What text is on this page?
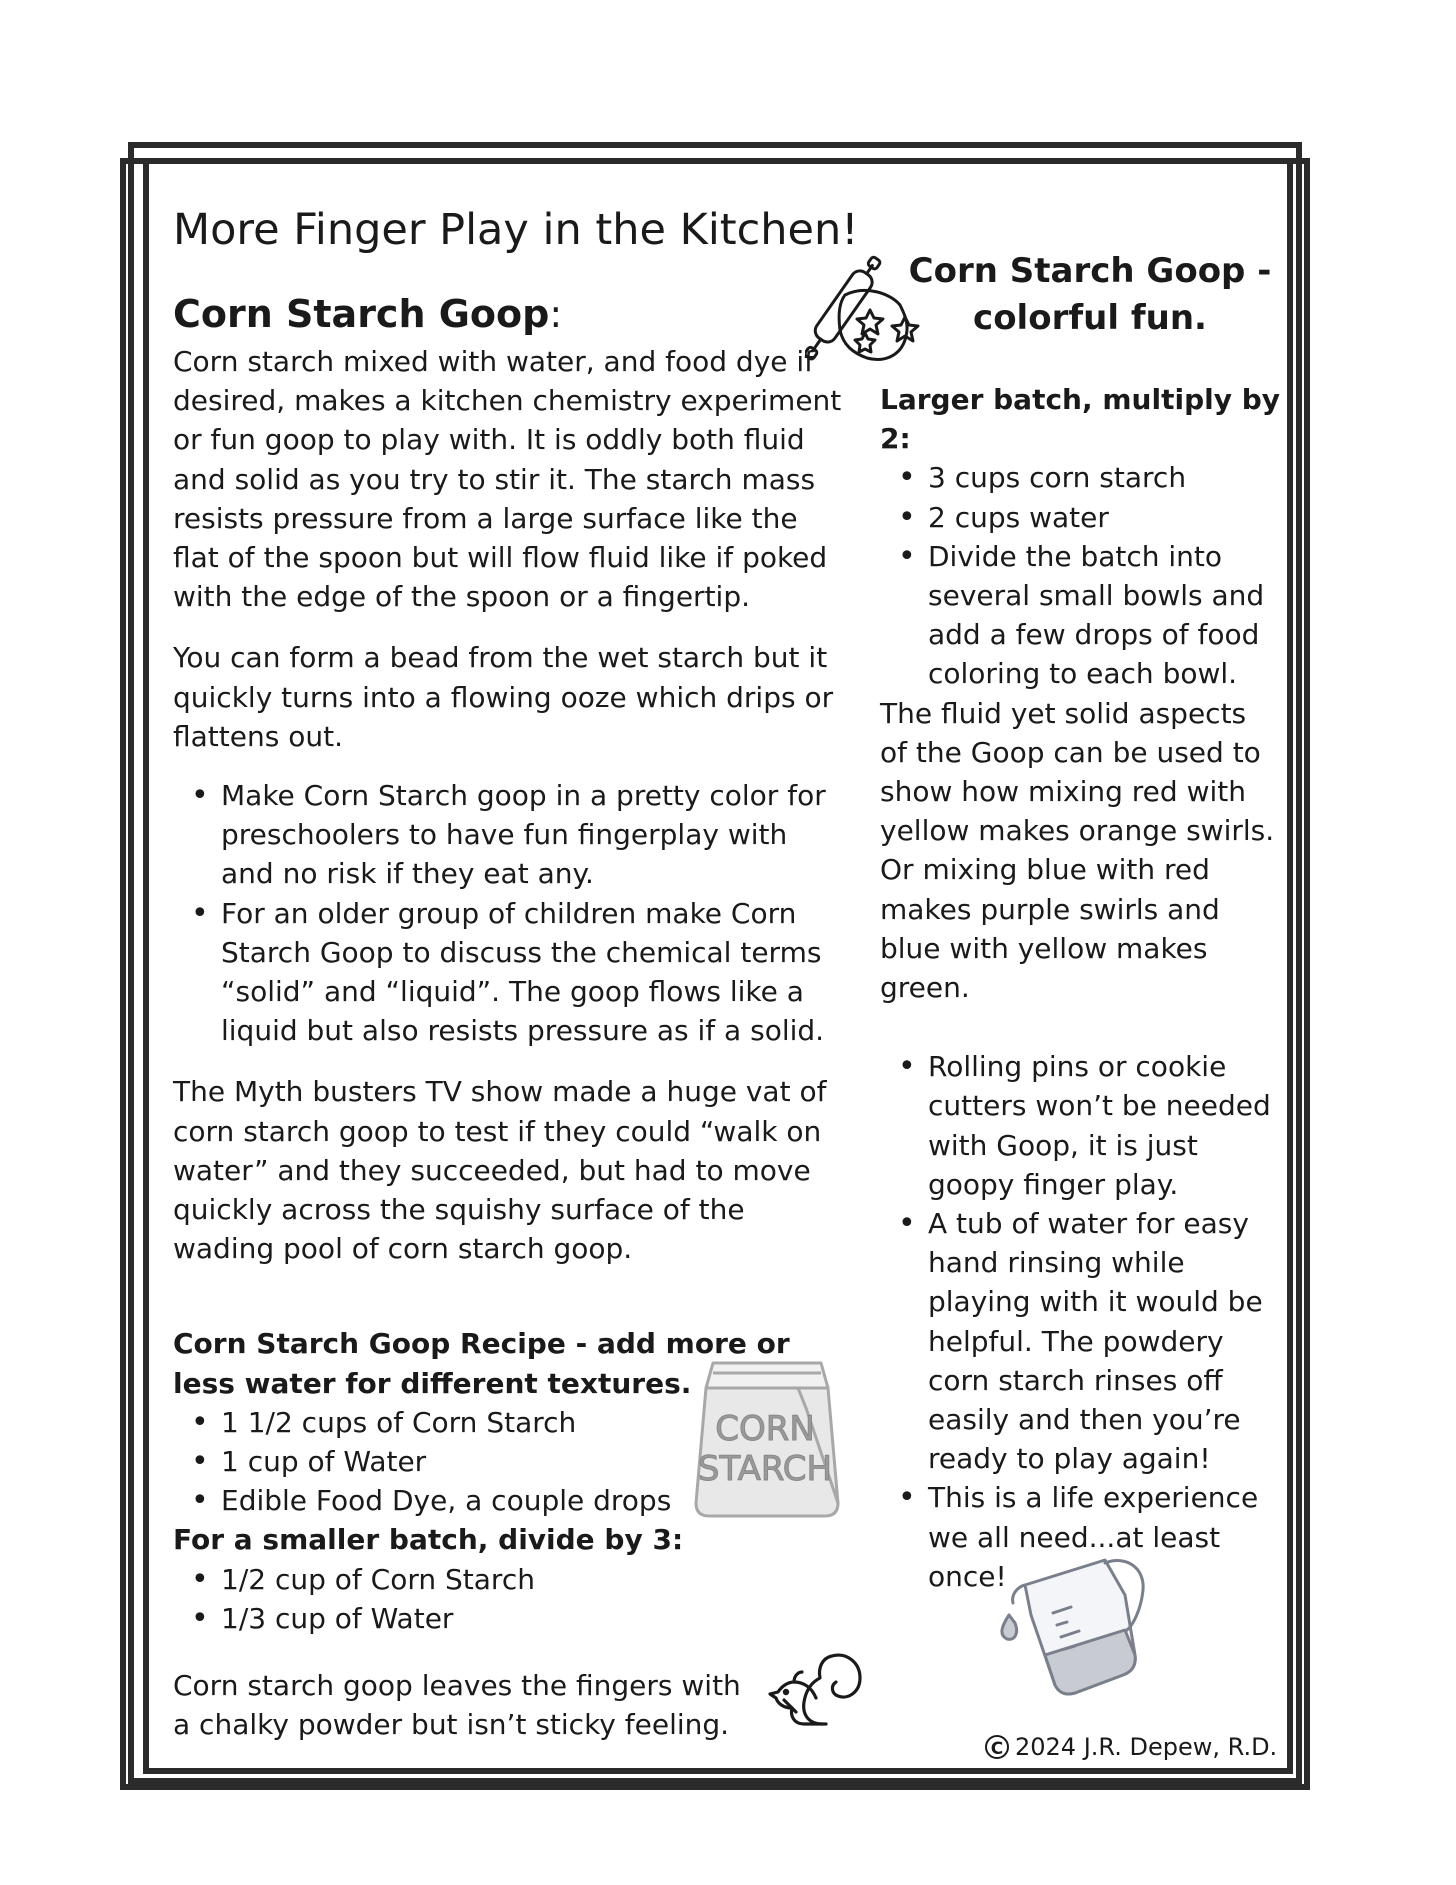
More Finger Play in the Kitchen!
Corn Starch Goop:
Corn Starch Goop -
colorful fun.

Corn starch mixed with water, and food dye if desired, makes a kitchen chemistry experiment or fun goop to play with. It is oddly both fluid and solid as you try to stir it. The starch mass resists pressure from a large surface like the flat of the spoon but will flow fluid like if poked with the edge of the spoon or a fingertip.

You can form a bead from the wet starch but it quickly turns into a flowing ooze which drips or flattens out.

• Make Corn Starch goop in a pretty color for preschoolers to have fun fingerplay with and no risk if they eat any.
• For an older group of children make Corn Starch Goop to discuss the chemical terms “solid” and “liquid”. The goop flows like a liquid but also resists pressure as if a solid.

The Myth busters TV show made a huge vat of corn starch goop to test if they could “walk on water” and they succeeded, but had to move quickly across the squishy surface of the wading pool of corn starch goop.

Corn Starch Goop Recipe - add more or less water for different textures.

• 1 1/2 cups of Corn Starch
• 1 cup of Water
• Edible Food Dye, a couple drops

For a smaller batch, divide by 3:

• 1/2 cup of Corn Starch
• 1/3 cup of Water

Corn starch goop leaves the fingers with a chalky powder but isn’t sticky feeling.

CORN
STARCH

Larger batch, multiply by 2:

• 3 cups corn starch
• 2 cups water
• Divide the batch into several small bowls and add a few drops of food coloring to each bowl.

The fluid yet solid aspects of the Goop can be used to show how mixing red with yellow makes orange swirls. Or mixing blue with red makes purple swirls and blue with yellow makes green.

• Rolling pins or cookie cutters won’t be needed with Goop, it is just goopy finger play.
• A tub of water for easy hand rinsing while playing with it would be helpful. The powdery corn starch rinses off easily and then you’re ready to play again!
• This is a life experience we all need...at least once!
C 2024 J.R. Depew, R.D.
